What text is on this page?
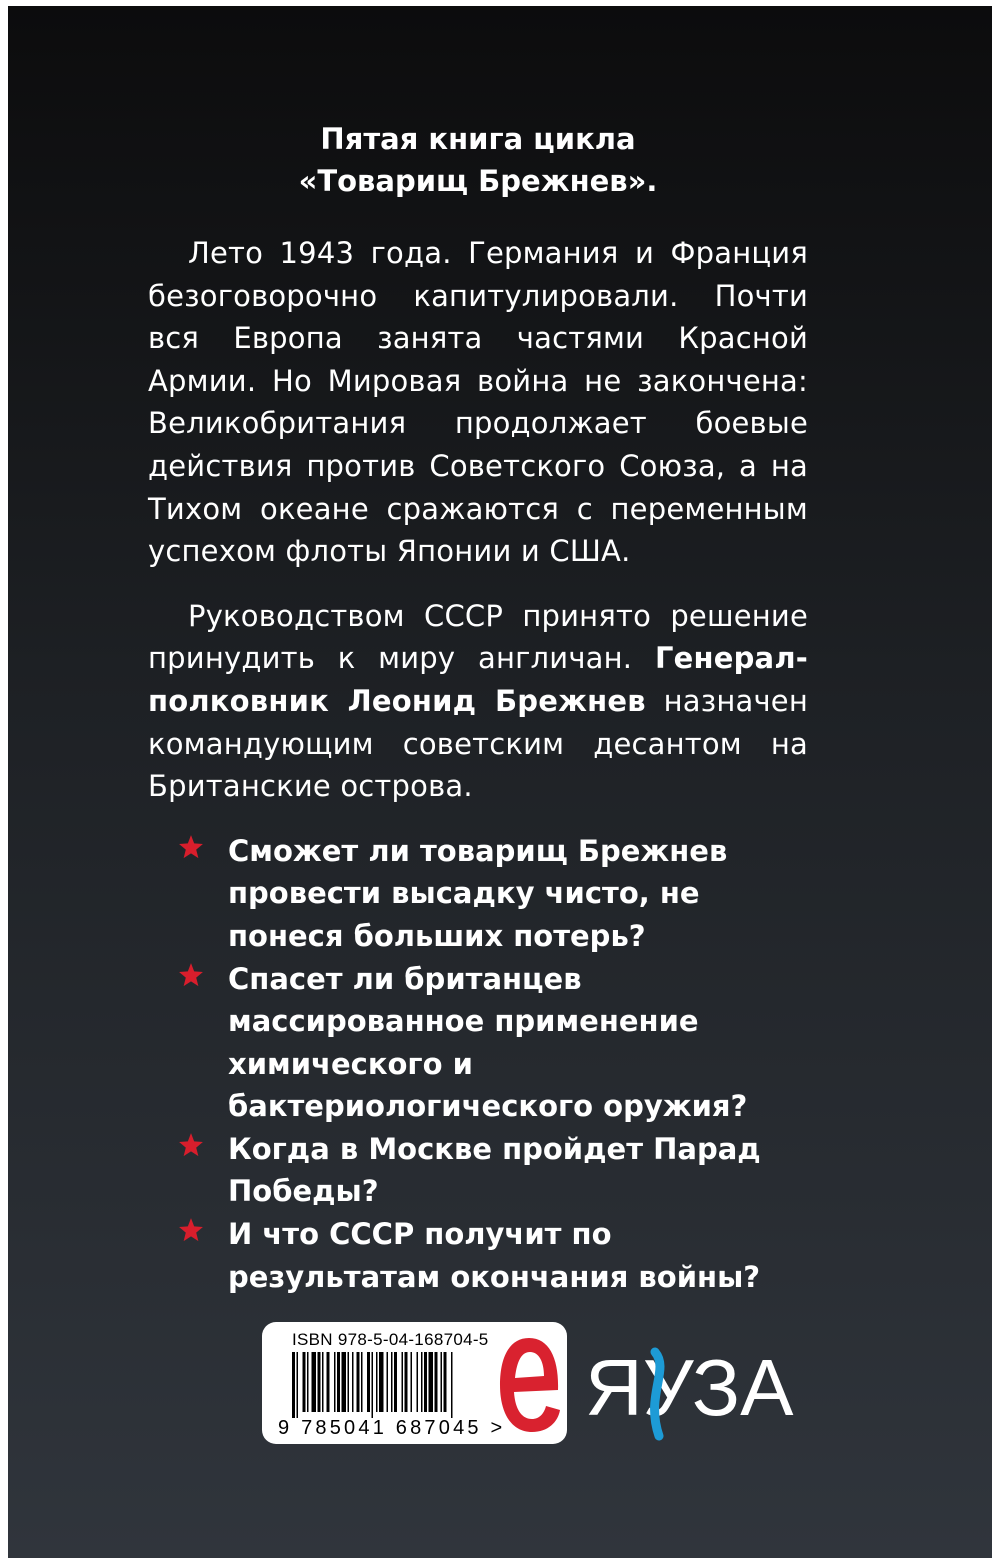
Пятая книга цикла
«Товарищ Брежнев».

Лето 1943 года. Германия и Франция безоговорочно капитулировали. Почти вся Европа занята частями Красной Армии. Но Мировая война не закончена: Великобритания продолжает боевые действия против Советского Союза, а на Тихом океане сражаются с переменным успехом флоты Японии и США.

Руководством СССР принято решение принудить к миру англичан. Генерал-полковник Леонид Брежнев назначен командующим советским десантом на Британские острова.

Сможет ли товарищ Брежнев провести высадку чисто, не понеся больших потерь?
Спасет ли британцев массированное применение химического и бактериологического оружия?
Когда в Москве пройдет Парад Победы?
И что СССР получит по результатам окончания войны?
ISBN 978-5-04-168704-5
9 785041 687045 > ЯУЗА
